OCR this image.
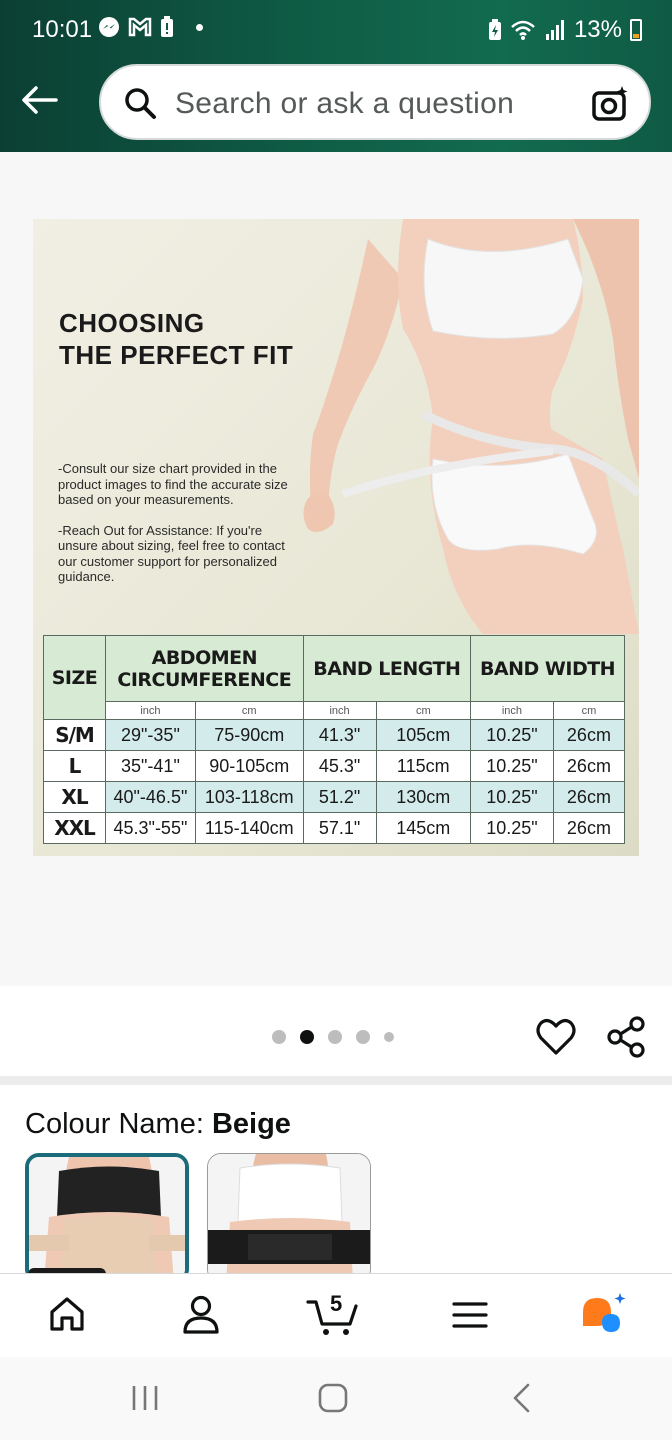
10:01	13%
Search or ask a question
CHOOSING
THE PERFECT FIT

-Consult our size chart provided in the product images to find the accurate size based on your measurements.

-Reach Out for Assistance: If you're unsure about sizing, feel free to contact our customer support for personalized guidance.

SIZE	ABDOMEN
CIRCUMFERENCE		BAND LENGTH		BAND WIDTH	
	inch	cm	inch	cm	inch	cm
S/M	29"-35"	75-90cm	41.3"	105cm	10.25"	26cm
L	35"-41"	90-105cm	45.3"	115cm	10.25"	26cm
XL	40"-46.5"	103-118cm	51.2"	130cm	10.25"	26cm
XXL	45.3"-55"	115-140cm	57.1"	145cm	10.25"	26cm
Colour Name: Beige
5
